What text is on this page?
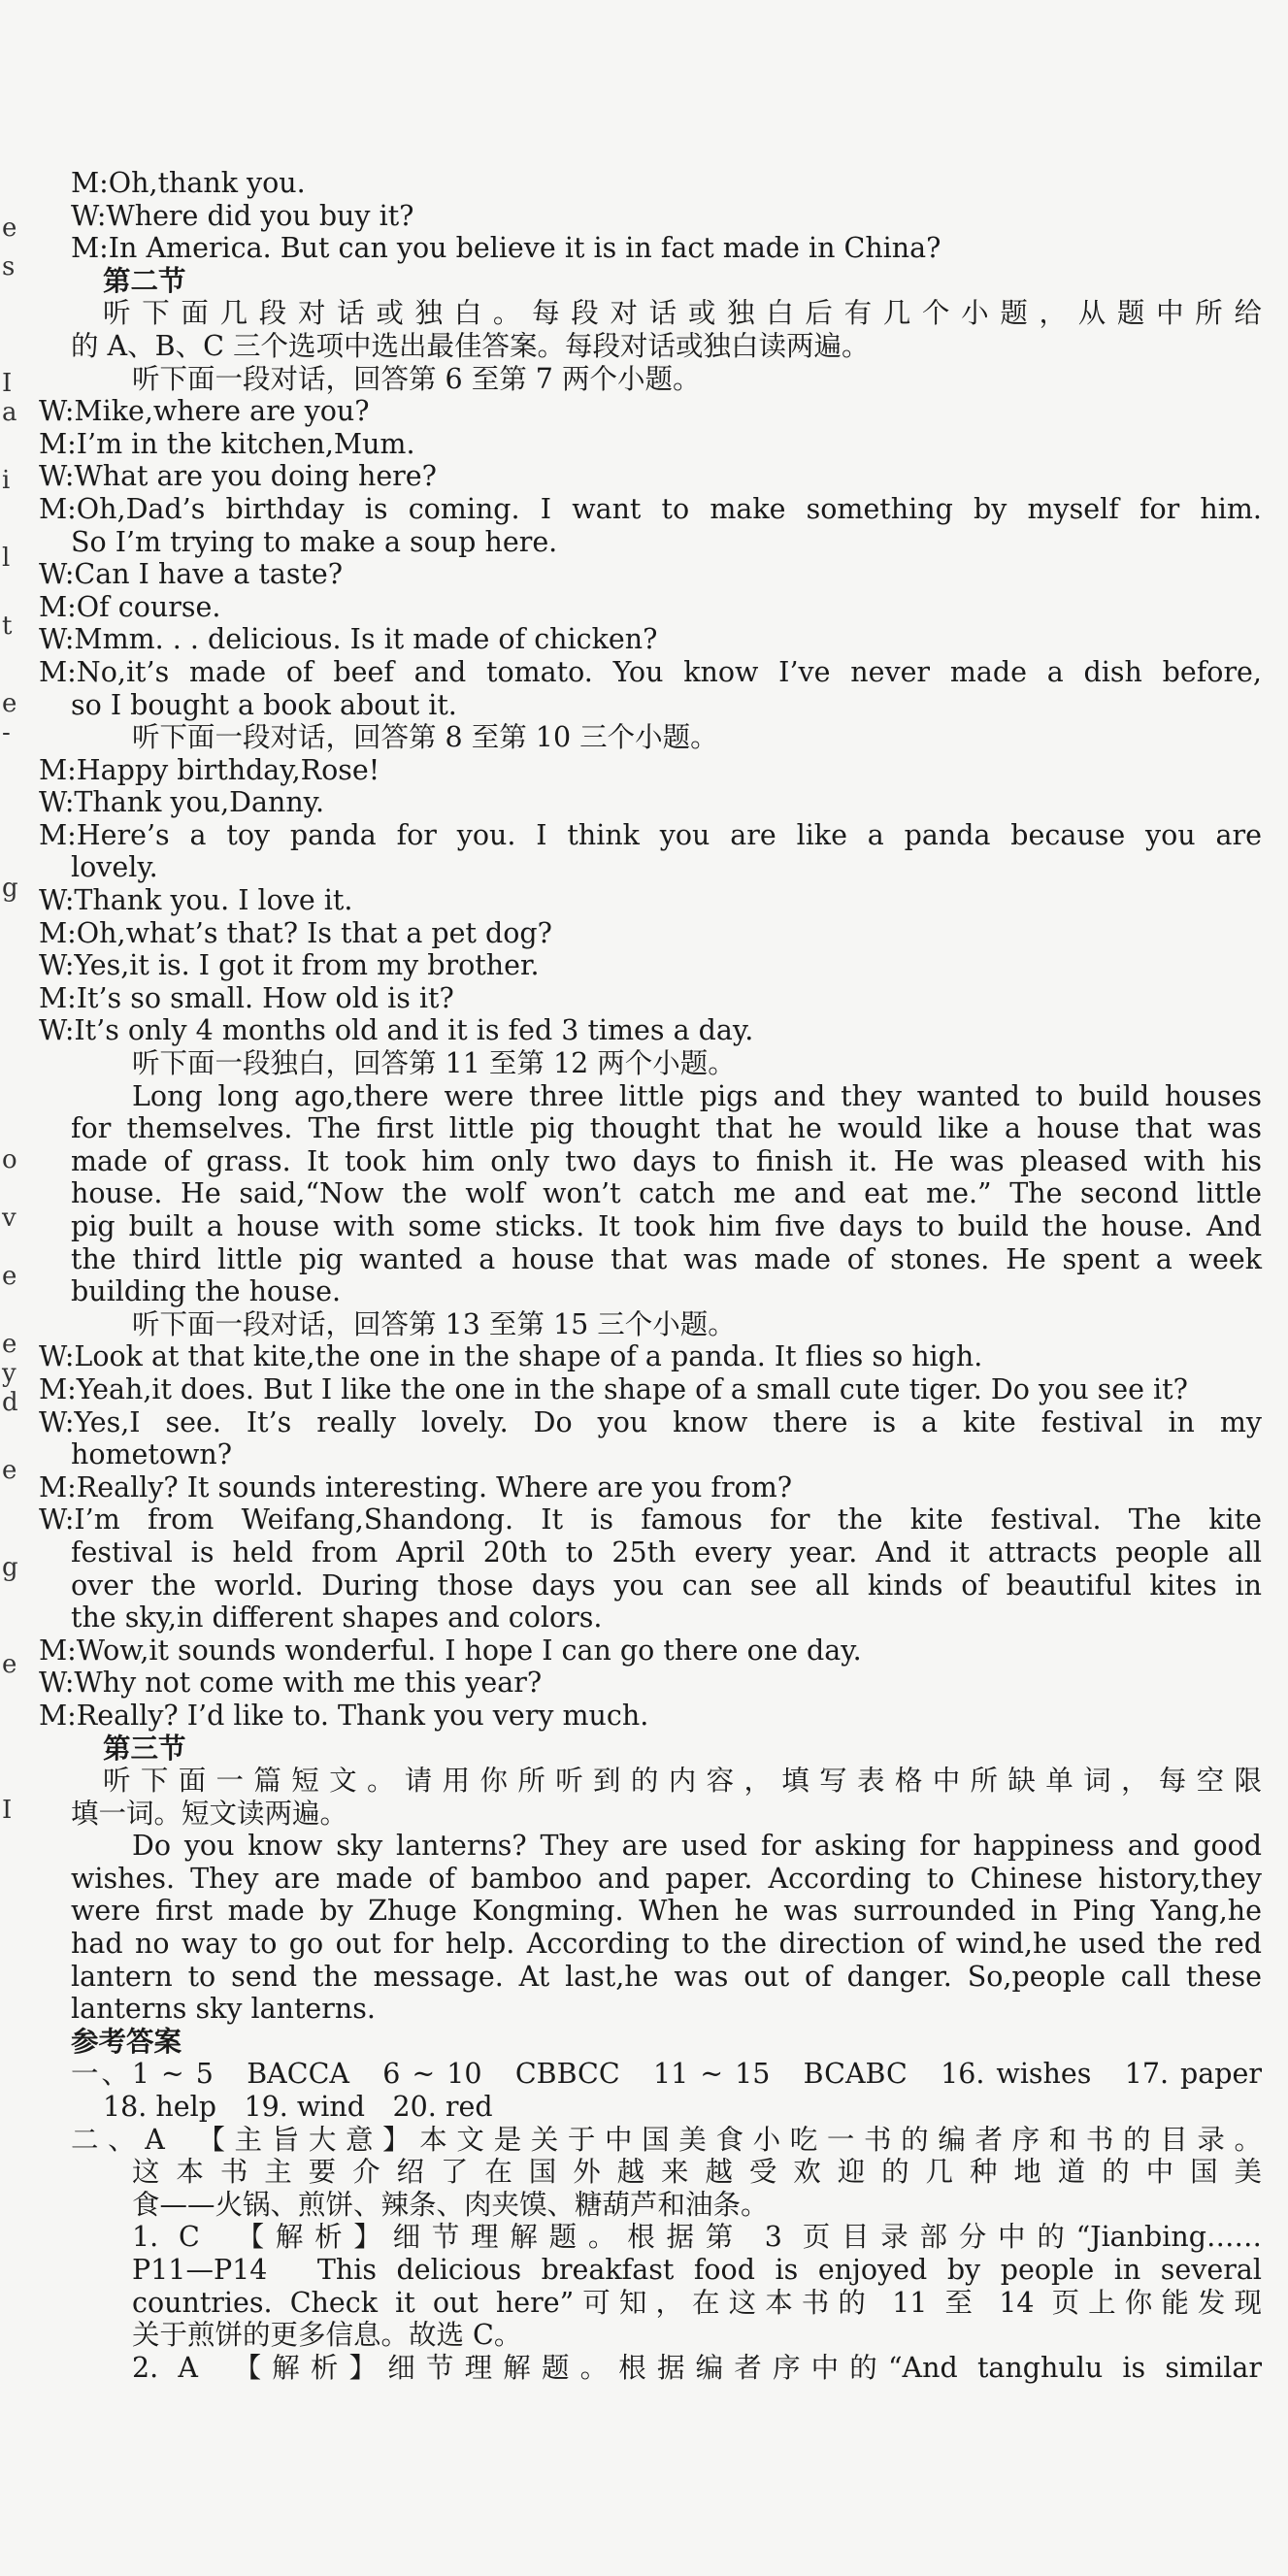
e
s
I
a
i
l
t
e
-
g
o
v
e
e
y
d
e
g
e
I
M:Oh,thank you.
W:Where did you buy it?
M:In America. But can you believe it is in fact made in China?
第二节
听下面几段对话或独白。每段对话或独白后有几个小题，从题中所给
的 A、B、C 三个选项中选出最佳答案。每段对话或独白读两遍。
听下面一段对话，回答第 6 至第 7 两个小题。
W:Mike,where are you?
M:I’m in the kitchen,Mum.
W:What are you doing here?
M:Oh,Dad’s birthday is coming. I want to make something by myself for him.
So I’m trying to make a soup here.
W:Can I have a taste?
M:Of course.
W:Mmm. . . delicious. Is it made of chicken?
M:No,it’s made of beef and tomato. You know I’ve never made a dish before,
so I bought a book about it.
听下面一段对话，回答第 8 至第 10 三个小题。
M:Happy birthday,Rose!
W:Thank you,Danny.
M:Here’s a toy panda for you. I think you are like a panda because you are
lovely.
W:Thank you. I love it.
M:Oh,what’s that? Is that a pet dog?
W:Yes,it is. I got it from my brother.
M:It’s so small. How old is it?
W:It’s only 4 months old and it is fed 3 times a day.
听下面一段独白，回答第 11 至第 12 两个小题。
Long long ago,there were three little pigs and they wanted to build houses
for themselves. The first little pig thought that he would like a house that was
made of grass. It took him only two days to finish it. He was pleased with his
house. He said,“Now the wolf won’t catch me and eat me.” The second little
pig built a house with some sticks. It took him five days to build the house. And
the third little pig wanted a house that was made of stones. He spent a week
building the house.
听下面一段对话，回答第 13 至第 15 三个小题。
W:Look at that kite,the one in the shape of a panda. It flies so high.
M:Yeah,it does. But I like the one in the shape of a small cute tiger. Do you see it?
W:Yes,I see. It’s really lovely. Do you know there is a kite festival in my
hometown?
M:Really? It sounds interesting. Where are you from?
W:I’m from Weifang,Shandong. It is famous for the kite festival. The kite
festival is held from April 20th to 25th every year. And it attracts people all
over the world. During those days you can see all kinds of beautiful kites in
the sky,in different shapes and colors.
M:Wow,it sounds wonderful. I hope I can go there one day.
W:Why not come with me this year?
M:Really? I’d like to. Thank you very much.
第三节
听下面一篇短文。请用你所听到的内容，填写表格中所缺单词，每空限
填一词。短文读两遍。
Do you know sky lanterns? They are used for asking for happiness and good
wishes. They are made of bamboo and paper. According to Chinese history,they
were first made by Zhuge Kongming. When he was surrounded in Ping Yang,he
had no way to go out for help. According to the direction of wind,he used the red
lantern to send the message. At last,he was out of danger. So,people call these
lanterns sky lanterns.
参考答案
一、1 ~ 5　BACCA　6 ~ 10　CBBCC　11 ~ 15　BCABC　16. wishes　17. paper
18. help　19. wind　20. red
二、A　【主旨大意】本文是关于中国美食小吃一书的编者序和书的目录。
这本书主要介绍了在国外越来越受欢迎的几种地道的中国美
食——火锅、煎饼、辣条、肉夹馍、糖葫芦和油条。
1. C　【解析】细节理解题。根据第 3 页目录部分中的“Jianbing……
P11—P14　This delicious breakfast food is enjoyed by people in several
countries. Check it out here”可知，在这本书的 11 至 14 页上你能发现
关于煎饼的更多信息。故选 C。
2. A　【解析】细节理解题。根据编者序中的“And tanghulu is similar
